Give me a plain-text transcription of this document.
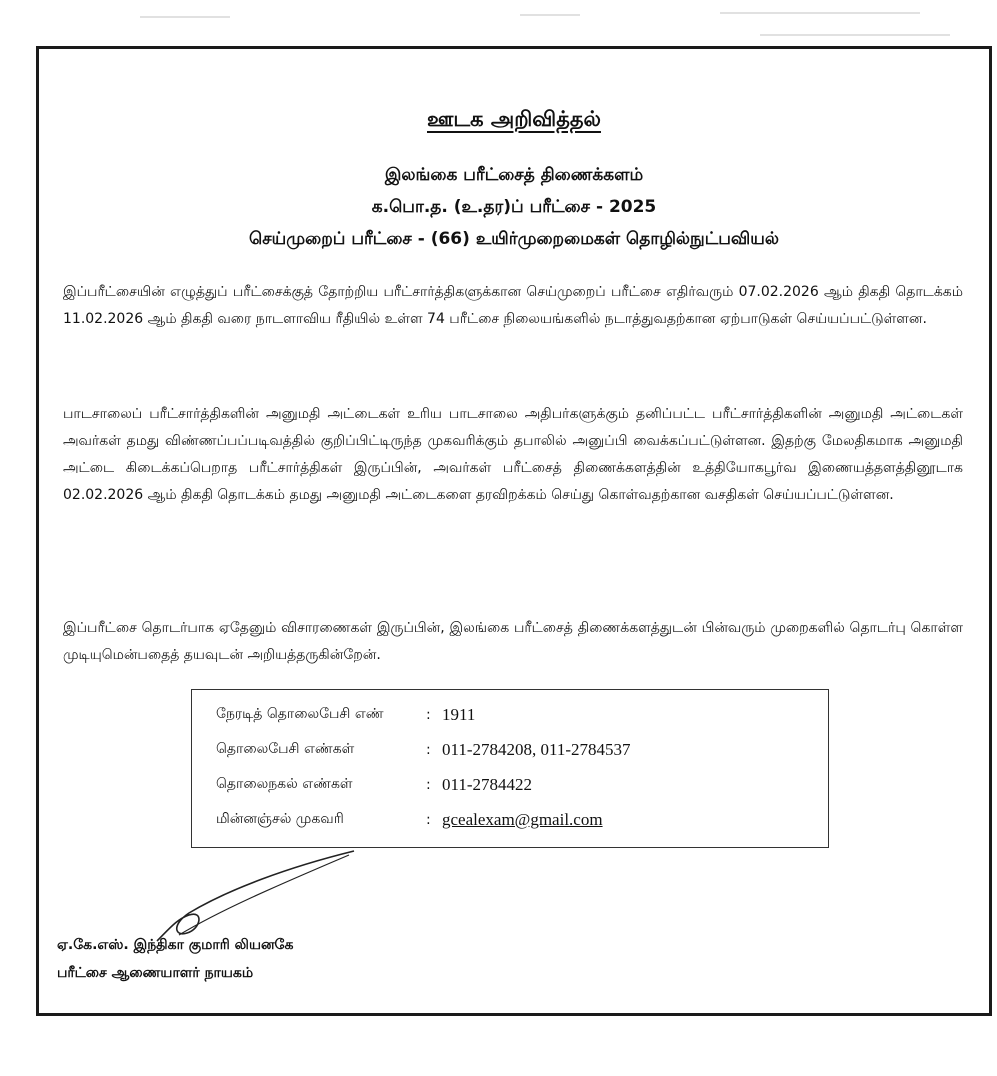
ஊடக அறிவித்தல்
இலங்கை பரீட்சைத் திணைக்களம்
க.பொ.த. (உ.தர)ப் பரீட்சை - 2025
செய்முறைப் பரீட்சை - (66) உயிர்முறைமைகள் தொழில்நுட்பவியல்
இப்பரீட்சையின் எழுத்துப் பரீட்சைக்குத் தோற்றிய பரீட்சார்த்திகளுக்கான செய்முறைப் பரீட்சை எதிர்வரும் 07.02.2026 ஆம் திகதி தொடக்கம் 11.02.2026 ஆம் திகதி வரை நாடளாவிய ரீதியில் உள்ள 74 பரீட்சை நிலையங்களில் நடாத்துவதற்கான ஏற்பாடுகள் செய்யப்பட்டுள்ளன.
பாடசாலைப் பரீட்சார்த்திகளின் அனுமதி அட்டைகள் உரிய பாடசாலை அதிபர்களுக்கும் தனிப்பட்ட பரீட்சார்த்திகளின் அனுமதி அட்டைகள் அவர்கள் தமது விண்ணப்பப்படிவத்தில் குறிப்பிட்டிருந்த முகவரிக்கும் தபாலில் அனுப்பி வைக்கப்பட்டுள்ளன. இதற்கு மேலதிகமாக அனுமதி அட்டை கிடைக்கப்பெறாத பரீட்சார்த்திகள் இருப்பின், அவர்கள் பரீட்சைத் திணைக்களத்தின் உத்தியோகபூர்வ இணையத்தளத்தினூடாக 02.02.2026 ஆம் திகதி தொடக்கம் தமது அனுமதி அட்டைகளை தரவிறக்கம் செய்து கொள்வதற்கான வசதிகள் செய்யப்பட்டுள்ளன.
இப்பரீட்சை தொடர்பாக ஏதேனும் விசாரணைகள் இருப்பின், இலங்கை பரீட்சைத் திணைக்களத்துடன் பின்வரும் முறைகளில் தொடர்பு கொள்ள முடியுமென்பதைத் தயவுடன் அறியத்தருகின்றேன்.
நேரடித் தொலைபேசி எண்	: 1911
தொலைபேசி எண்கள்	: 011-2784208, 011-2784537
தொலைநகல் எண்கள்	: 011-2784422
மின்னஞ்சல் முகவரி	: gcealexam@gmail.com
ஏ.கே.எஸ். இந்திகா குமாரி லியனகே
பரீட்சை ஆணையாளர் நாயகம்
